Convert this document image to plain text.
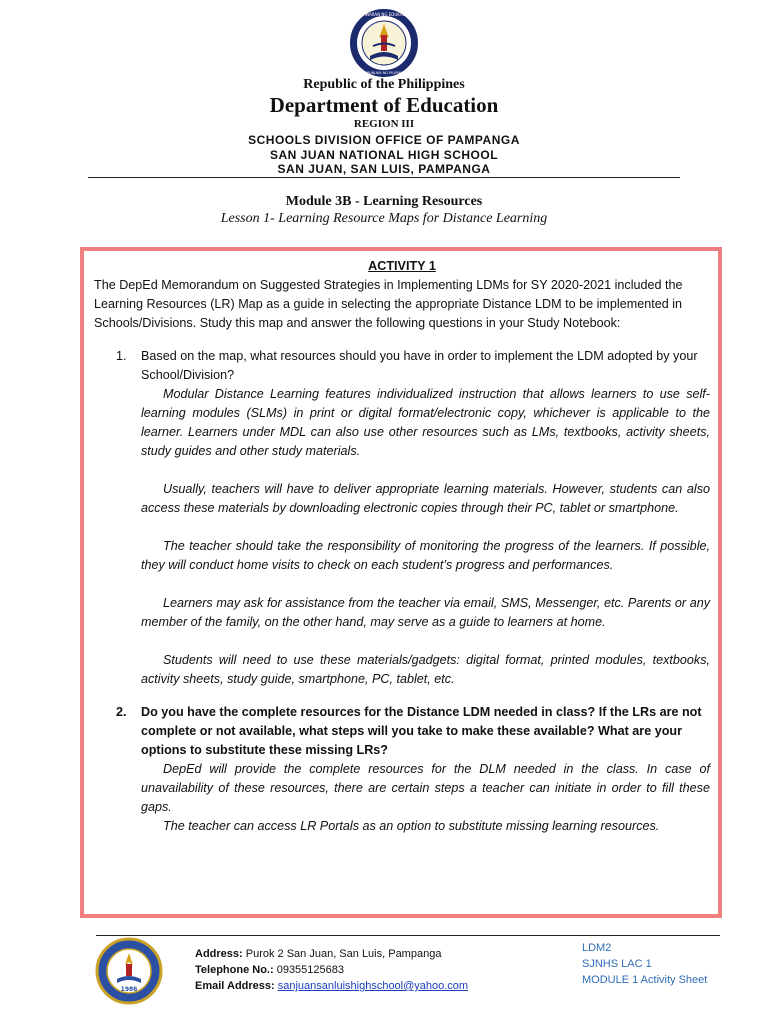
KAGAWARAN NG EDUKASYON
REPUBLIKA NG PILIPINAS
Republic of the Philippines
Department of Education
REGION III
SCHOOLS DIVISION OFFICE OF PAMPANGA
SAN JUAN NATIONAL HIGH SCHOOL
SAN JUAN, SAN LUIS, PAMPANGA
Module 3B - Learning Resources
Lesson 1- Learning Resource Maps for Distance Learning
ACTIVITY 1

The DepEd Memorandum on Suggested Strategies in Implementing LDMs for SY 2020-2021 included the Learning Resources (LR) Map as a guide in selecting the appropriate Distance LDM to be implemented in Schools/Divisions. Study this map and answer the following questions in your Study Notebook:

1. Based on the map, what resources should you have in order to implement the LDM adopted by your School/Division?

Modular Distance Learning features individualized instruction that allows learners to use self-learning modules (SLMs) in print or digital format/electronic copy, whichever is applicable to the learner. Learners under MDL can also use other resources such as LMs, textbooks, activity sheets, study guides and other study materials.

Usually, teachers will have to deliver appropriate learning materials. However, students can also access these materials by downloading electronic copies through their PC, tablet or smartphone.

The teacher should take the responsibility of monitoring the progress of the learners. If possible, they will conduct home visits to check on each student’s progress and performances.

Learners may ask for assistance from the teacher via email, SMS, Messenger, etc. Parents or any member of the family, on the other hand, may serve as a guide to learners at home.

Students will need to use these materials/gadgets: digital format, printed modules, textbooks, activity sheets, study guide, smartphone, PC, tablet, etc.

2. Do you have the complete resources for the Distance LDM needed in class? If the LRs are not complete or not available, what steps will you take to make these available? What are your options to substitute these missing LRs?

DepEd will provide the complete resources for the DLM needed in the class. In case of unavailability of these resources, there are certain steps a teacher can initiate in order to fill these gaps.

The teacher can access LR Portals as an option to substitute missing learning resources.

1986
Address: Purok 2 San Juan, San Luis, Pampanga
Telephone No.: 09355125683
Email Address: sanjuansanluishighschool@yahoo.com
LDM2
SJNHS LAC 1
MODULE 1 Activity Sheet
